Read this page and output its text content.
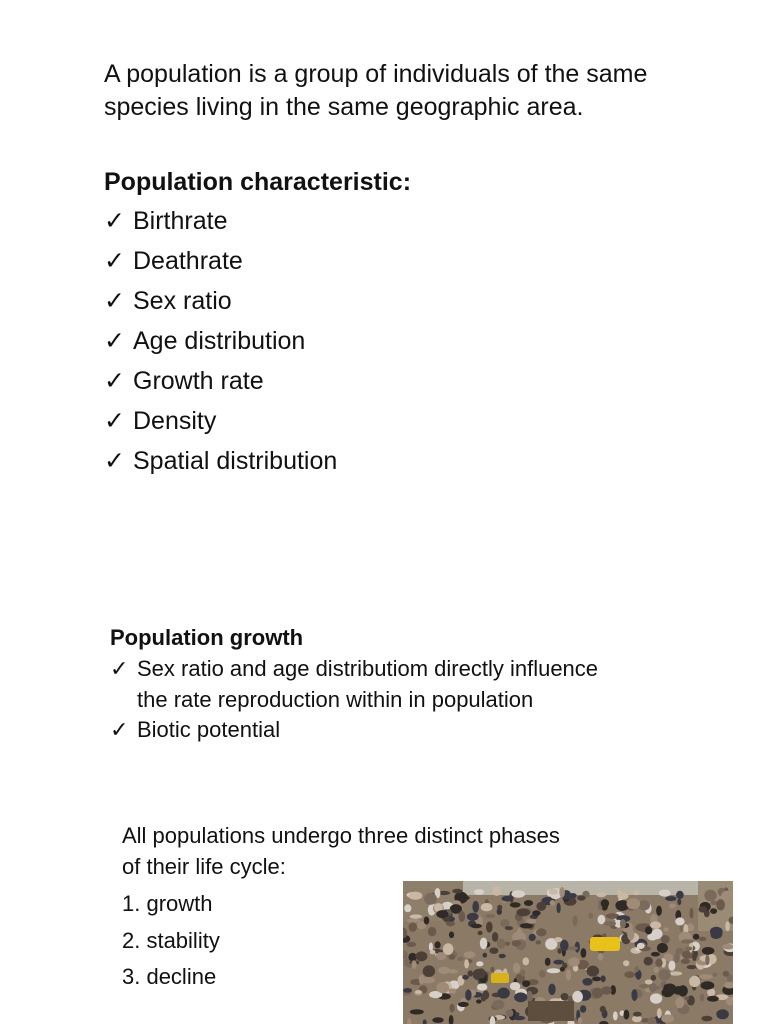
A population is a group of individuals of the same species living in the same geographic area.
Population characteristic:
✓ Birthrate
✓ Deathrate
✓ Sex ratio
✓ Age distribution
✓ Growth rate
✓ Density
✓ Spatial distribution
Population growth
✓ Sex ratio and age distributiom directly influence the rate reproduction within in population
✓ Biotic potential
All populations undergo three distinct phases of their life cycle:
1. growth
2. stability
3. decline
